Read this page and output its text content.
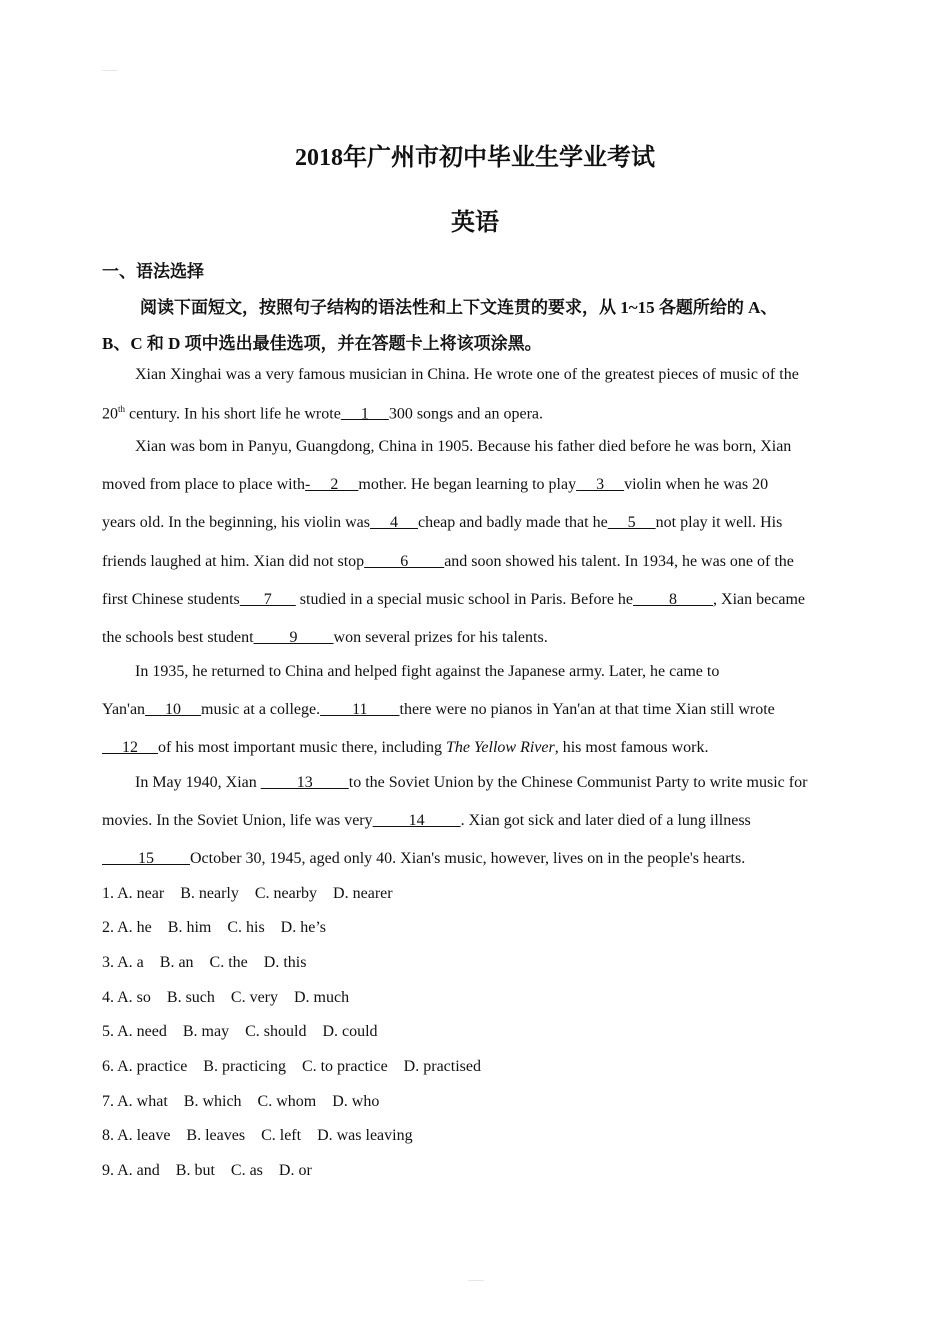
2018年广州市初中毕业生学业考试
英语
一、语法选择
阅读下面短文，按照句子结构的语法性和上下文连贯的要求，从 1~15 各题所给的 A、
B、C 和 D 项中选出最佳选项，并在答题卡上将该项涂黑。
Xian Xinghai was a very famous musician in China. He wrote one of the greatest pieces of music of the
20th century. In his short life he wrote     1     300 songs and an opera.
Xian was bom in Panyu, Guangdong, China in 1905. Because his father died before he was born, Xian
moved from place to place with-     2     mother. He began learning to play     3     violin when he was 20
years old. In the beginning, his violin was     4     cheap and badly made that he     5     not play it well. His
friends laughed at him. Xian did not stop         6         and soon showed his talent. In 1934, he was one of the
first Chinese students      7       studied in a special music school in Paris. Before he         8         , Xian became
the schools best student         9         won several prizes for his talents.
In 1935, he returned to China and helped fight against the Japanese army. Later, he came to
Yan'an     10     music at a college.        11        there were no pianos in Yan'an at that time Xian still wrote
12     of his most important music there, including The Yellow River, his most famous work.
In May 1940, Xian          13         to the Soviet Union by the Chinese Communist Party to write music for
movies. In the Soviet Union, life was very         14         . Xian got sick and later died of a lung illness
15         October 30, 1945, aged only 40. Xian's music, however, lives on in the people's hearts.
1. A. near    B. nearly    C. nearby    D. nearer
2. A. he    B. him    C. his    D. he’s
3. A. a    B. an    C. the    D. this
4. A. so    B. such    C. very    D. much
5. A. need    B. may    C. should    D. could
6. A. practice    B. practicing    C. to practice    D. practised
7. A. what    B. which    C. whom    D. who
8. A. leave    B. leaves    C. left    D. was leaving
9. A. and    B. but    C. as    D. or
